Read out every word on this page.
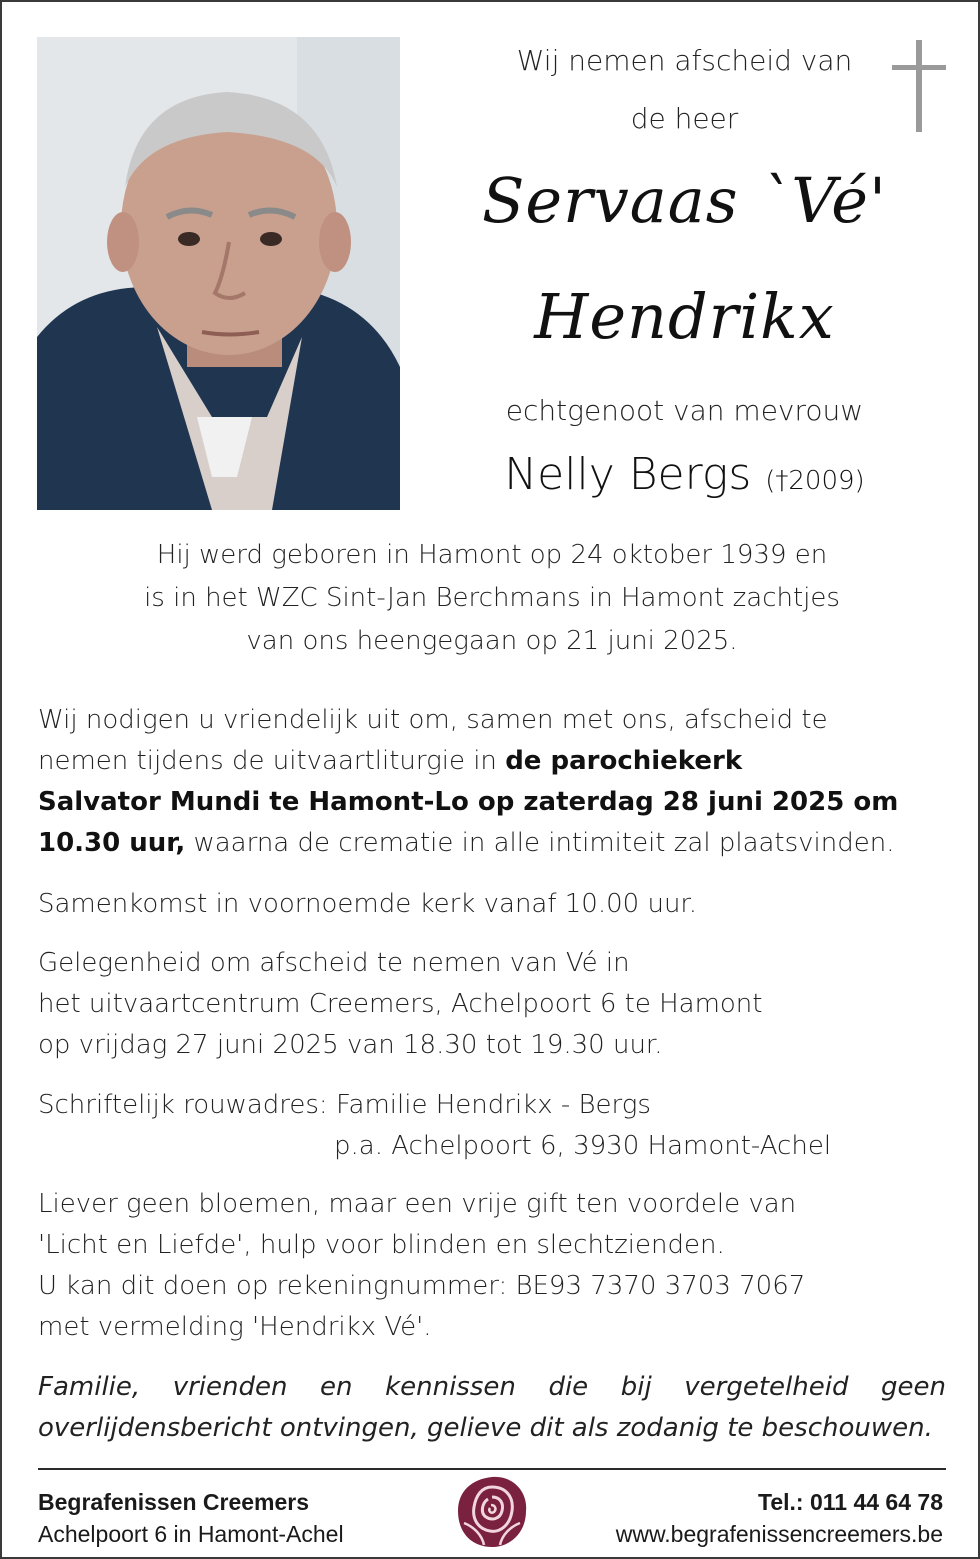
Wij nemen afscheid van
de heer
Servaas `Vé'
Hendrikx
echtgenoot van mevrouw
Nelly Bergs (†2009)
Hij werd geboren in Hamont op 24 oktober 1939 en
is in het WZC Sint-Jan Berchmans in Hamont zachtjes
van ons heengegaan op 21 juni 2025.
Wij nodigen u vriendelijk uit om, samen met ons, afscheid te
nemen tijdens de uitvaartliturgie in de parochiekerk
Salvator Mundi te Hamont-Lo op zaterdag 28 juni 2025 om
10.30 uur, waarna de crematie in alle intimiteit zal plaatsvinden.
Samenkomst in voornoemde kerk vanaf 10.00 uur.
Gelegenheid om afscheid te nemen van Vé in
het uitvaartcentrum Creemers, Achelpoort 6 te Hamont
op vrijdag 27 juni 2025 van 18.30 tot 19.30 uur.
Schriftelijk rouwadres: Familie Hendrikx - Bergs
p.a. Achelpoort 6, 3930 Hamont-Achel
Liever geen bloemen, maar een vrije gift ten voordele van
'Licht en Liefde', hulp voor blinden en slechtzienden.
U kan dit doen op rekeningnummer: BE93 7370 3703 7067
met vermelding 'Hendrikx Vé'.
Familie, vrienden en kennissen die bij vergetelheid geen overlijdensbericht ontvingen, gelieve dit als zodanig te beschouwen.
Begrafenissen Creemers
Achelpoort 6 in Hamont-Achel
Tel.: 011 44 64 78
www.begrafenissencreemers.be
